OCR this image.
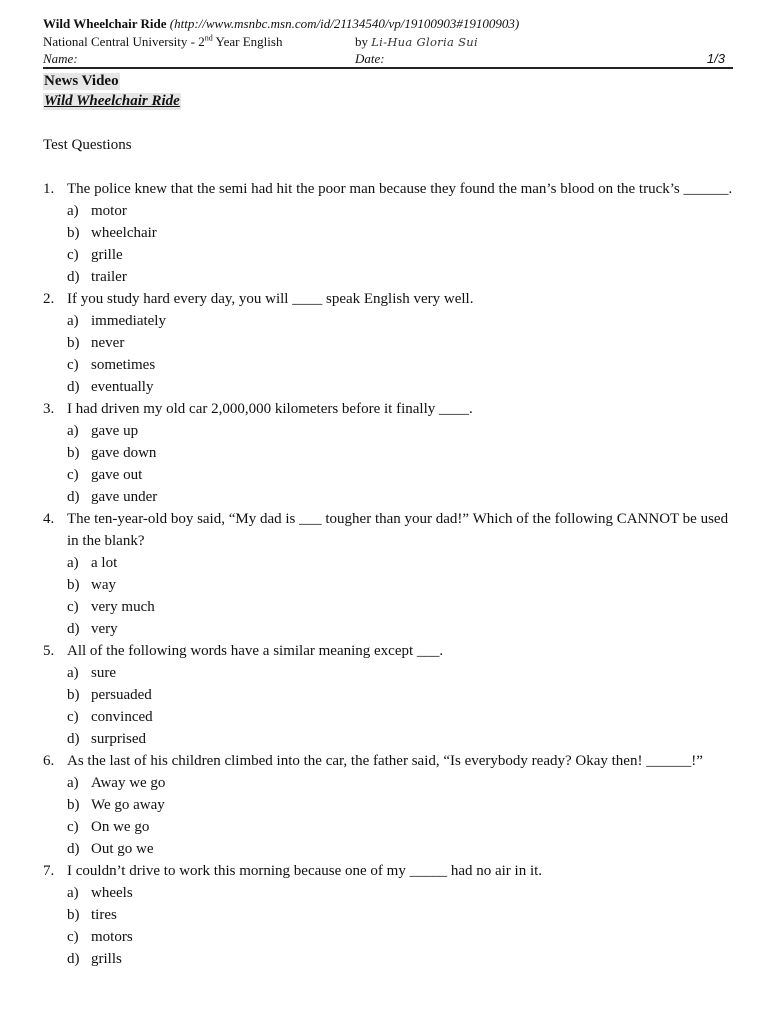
Wild Wheelchair Ride (http://www.msnbc.msn.com/id/21134540/vp/19100903#19100903)
National Central University - 2nd Year English	by Li-Hua Gloria Sui
Name:	Date:	1/3
News Video
Wild Wheelchair Ride
Test Questions
1. The police knew that the semi had hit the poor man because they found the man’s blood on the truck’s ______.
a) motor
b) wheelchair
c) grille
d) trailer
2. If you study hard every day, you will ____ speak English very well.
a) immediately
b) never
c) sometimes
d) eventually
3. I had driven my old car 2,000,000 kilometers before it finally ____.
a) gave up
b) gave down
c) gave out
d) gave under
4. The ten-year-old boy said, “My dad is ___ tougher than your dad!” Which of the following CANNOT be used in the blank?
a) a lot
b) way
c) very much
d) very
5. All of the following words have a similar meaning except ___.
a) sure
b) persuaded
c) convinced
d) surprised
6. As the last of his children climbed into the car, the father said, “Is everybody ready? Okay then! ______!”
a) Away we go
b) We go away
c) On we go
d) Out go we
7. I couldn’t drive to work this morning because one of my _____ had no air in it.
a) wheels
b) tires
c) motors
d) grills
